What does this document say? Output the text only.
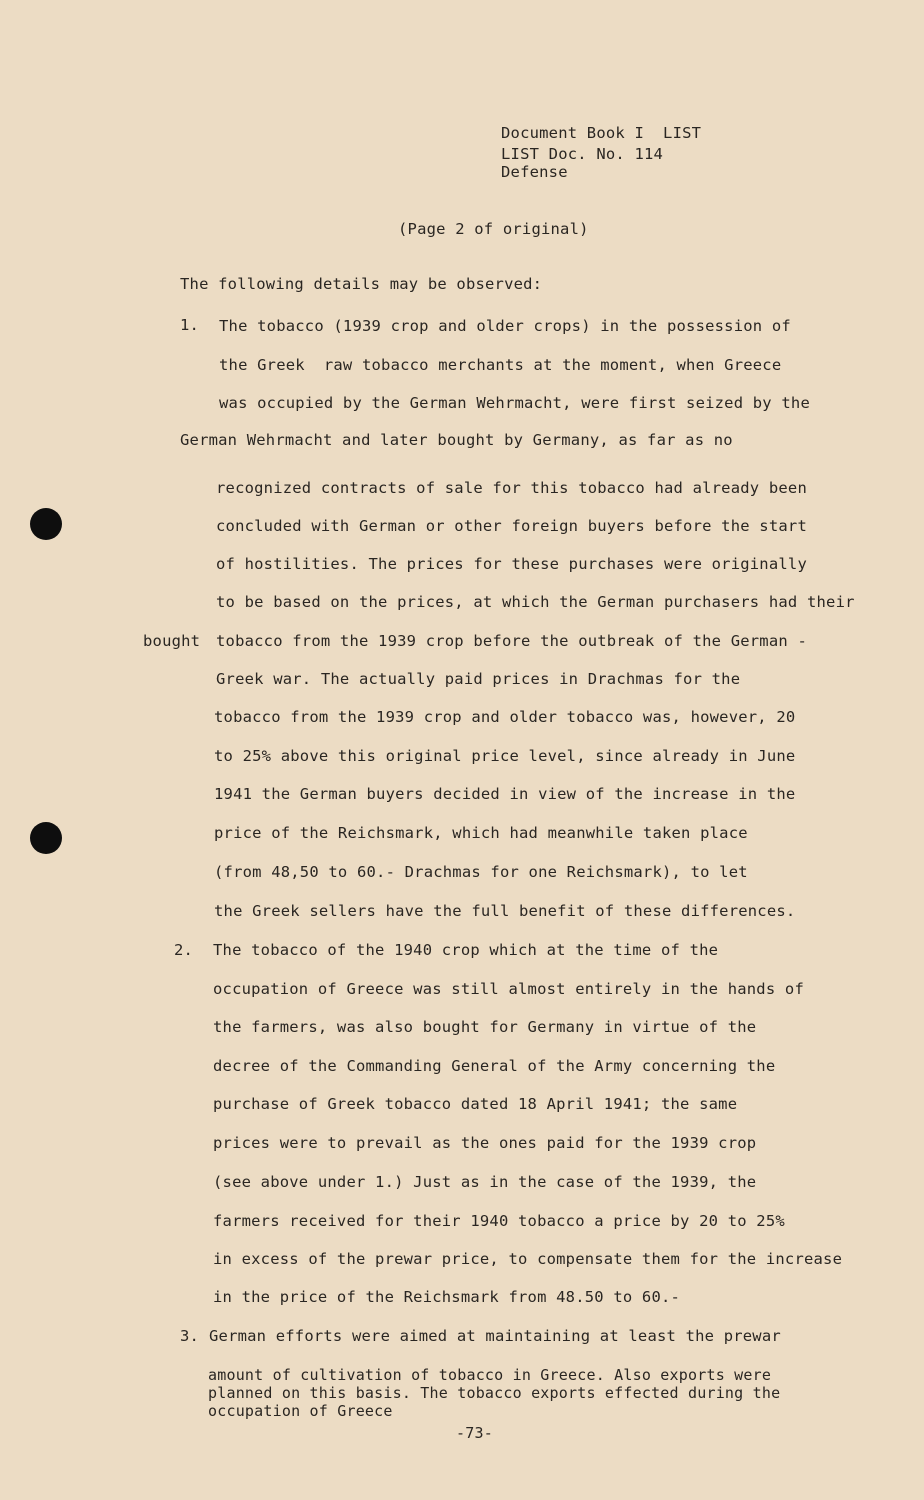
Document Book I  LIST
LIST Doc. No. 114
Defense
(Page 2 of original)
The following details may be observed:
1. The tobacco (1939 crop and older crops) in the possession of
the Greek  raw tobacco merchants at the moment, when Greece
was occupied by the German Wehrmacht, were first seized by the
German Wehrmacht and later bought by Germany, as far as no
recognized contracts of sale for this tobacco had already been
concluded with German or other foreign buyers before the start
of hostilities. The prices for these purchases were originally
to be based on the prices, at which the German purchasers had their
bought tobacco from the 1939 crop before the outbreak of the German -
Greek war. The actually paid prices in Drachmas for the
tobacco from the 1939 crop and older tobacco was, however, 20
to 25% above this original price level, since already in June
1941 the German buyers decided in view of the increase in the
price of the Reichsmark, which had meanwhile taken place
(from 48,50 to 60.- Drachmas for one Reichsmark), to let
the Greek sellers have the full benefit of these differences.
2. The tobacco of the 1940 crop which at the time of the
occupation of Greece was still almost entirely in the hands of
the farmers, was also bought for Germany in virtue of the
decree of the Commanding General of the Army concerning the
purchase of Greek tobacco dated 18 April 1941; the same
prices were to prevail as the ones paid for the 1939 crop
(see above under 1.) Just as in the case of the 1939, the
farmers received for their 1940 tobacco a price by 20 to 25%
in excess of the prewar price, to compensate them for the increase
in the price of the Reichsmark from 48.50 to 60.-
3. German efforts were aimed at maintaining at least the prewar
amount of cultivation of tobacco in Greece. Also exports were
planned on this basis. The tobacco exports effected during the
occupation of Greece
-73-
